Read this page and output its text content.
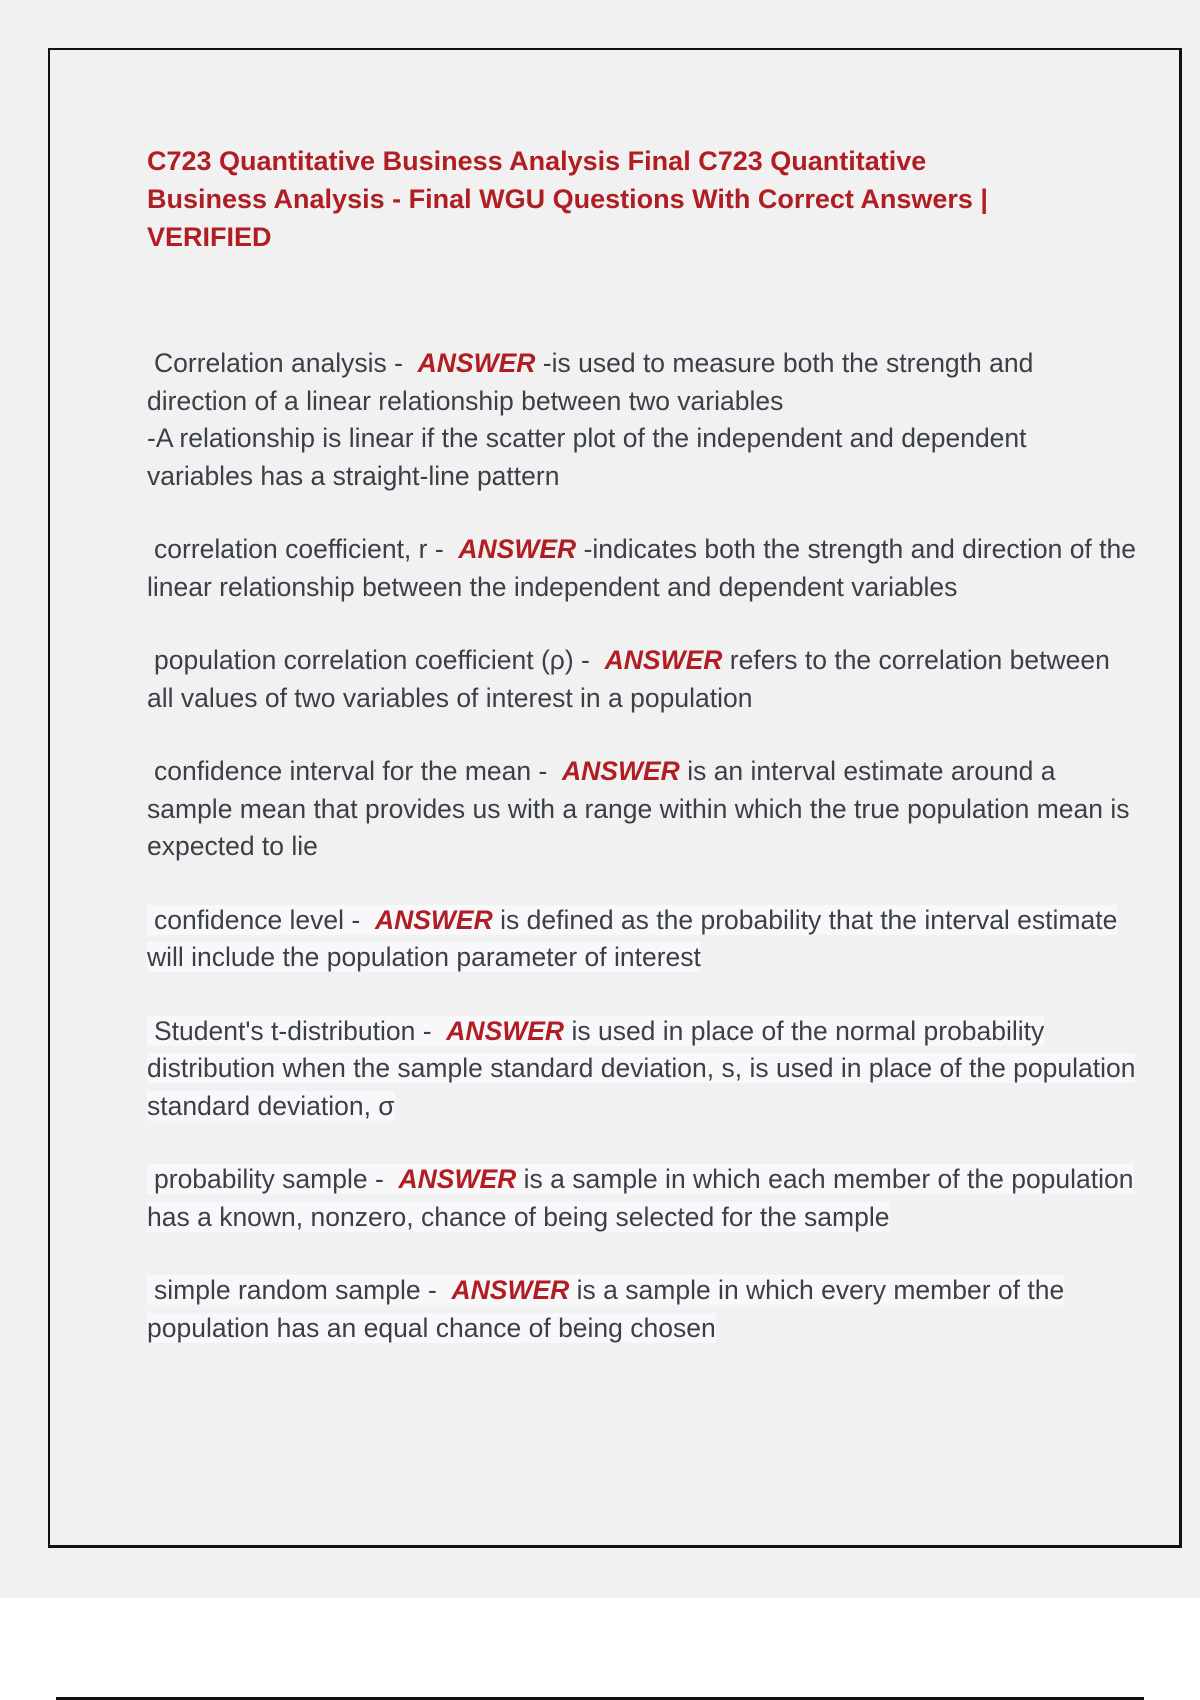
C723 Quantitative Business Analysis Final C723 Quantitative Business Analysis - Final WGU Questions With Correct Answers | VERIFIED

Correlation analysis -  ANSWER -is used to measure both the strength and direction of a linear relationship between two variables
-A relationship is linear if the scatter plot of the independent and dependent variables has a straight-line pattern

correlation coefficient, r -  ANSWER -indicates both the strength and direction of the linear relationship between the independent and dependent variables

population correlation coefficient (ρ) -  ANSWER refers to the correlation between all values of two variables of interest in a population

confidence interval for the mean -  ANSWER is an interval estimate around a sample mean that provides us with a range within which the true population mean is expected to lie

confidence level -  ANSWER is defined as the probability that the interval estimate will include the population parameter of interest

Student's t-distribution -  ANSWER is used in place of the normal probability distribution when the sample standard deviation, s, is used in place of the population standard deviation, σ

probability sample -  ANSWER is a sample in which each member of the population has a known, nonzero, chance of being selected for the sample

simple random sample -  ANSWER is a sample in which every member of the population has an equal chance of being chosen
